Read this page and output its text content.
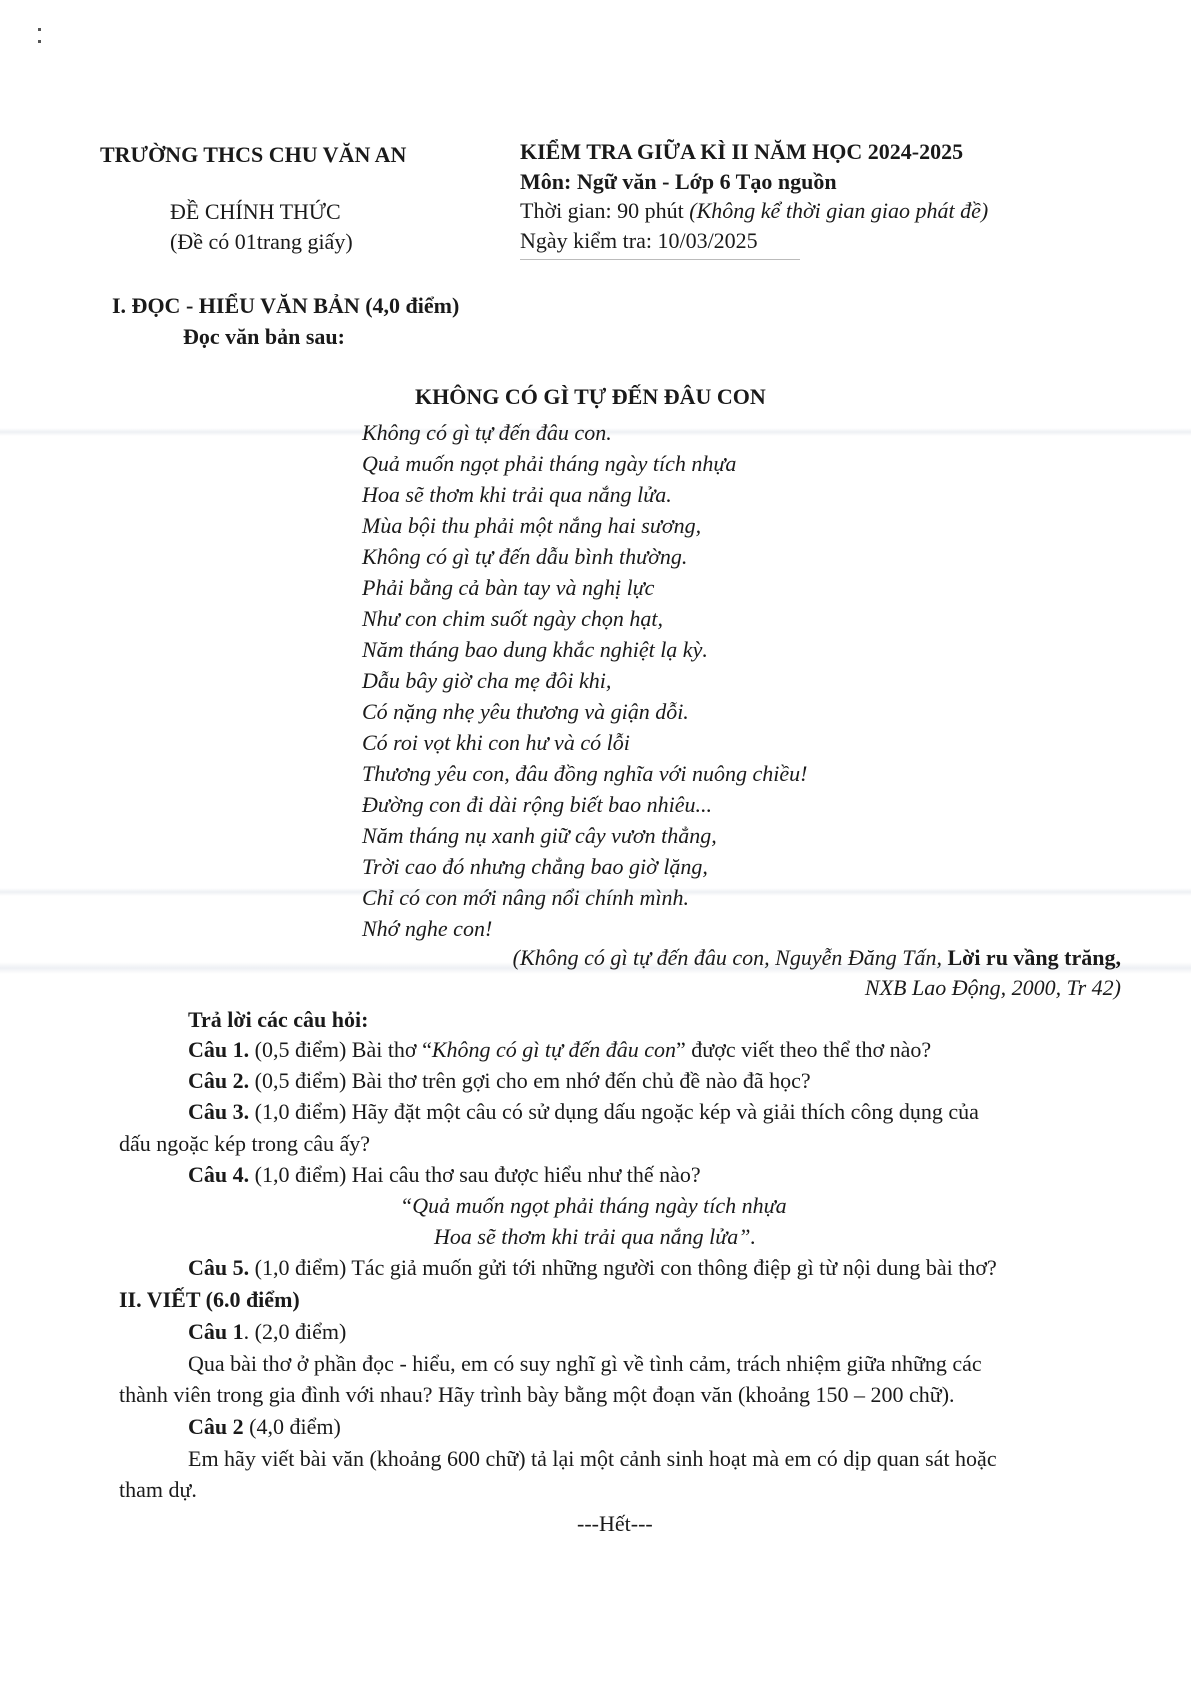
TRƯỜNG THCS CHU VĂN AN
ĐỀ CHÍNH THỨC
(Đề có 01trang giấy)
KIỂM TRA GIỮA KÌ II NĂM HỌC 2024-2025
Môn: Ngữ văn - Lớp 6 Tạo nguồn
Thời gian: 90 phút (Không kể thời gian giao phát đề)
Ngày kiểm tra: 10/03/2025
I. ĐỌC - HIỂU VĂN BẢN (4,0 điểm)
Đọc văn bản sau:
KHÔNG CÓ GÌ TỰ ĐẾN ĐÂU CON
Không có gì tự đến đâu con.
Quả muốn ngọt phải tháng ngày tích nhựa
Hoa sẽ thơm khi trải qua nắng lửa.
Mùa bội thu phải một nắng hai sương,
Không có gì tự đến dẫu bình thường.
Phải bằng cả bàn tay và nghị lực
Như con chim suốt ngày chọn hạt,
Năm tháng bao dung khắc nghiệt lạ kỳ.
Dẫu bây giờ cha mẹ đôi khi,
Có nặng nhẹ yêu thương và giận dỗi.
Có roi vọt khi con hư và có lỗi
Thương yêu con, đâu đồng nghĩa với nuông chiều!
Đường con đi dài rộng biết bao nhiêu...
Năm tháng nụ xanh giữ cây vươn thẳng,
Trời cao đó nhưng chẳng bao giờ lặng,
Chỉ có con mới nâng nổi chính mình.
Nhớ nghe con!
(Không có gì tự đến đâu con, Nguyễn Đăng Tấn, Lời ru vầng trăng,
NXB Lao Động, 2000, Tr 42)
Trả lời các câu hỏi:
Câu 1. (0,5 điểm) Bài thơ “Không có gì tự đến đâu con” được viết theo thể thơ nào?
Câu 2. (0,5 điểm) Bài thơ trên gợi cho em nhớ đến chủ đề nào đã học?
Câu 3. (1,0 điểm) Hãy đặt một câu có sử dụng dấu ngoặc kép và giải thích công dụng của
dấu ngoặc kép trong câu ấy?
Câu 4. (1,0 điểm) Hai câu thơ sau được hiểu như thế nào?
“Quả muốn ngọt phải tháng ngày tích nhựa
Hoa sẽ thơm khi trải qua nắng lửa”.
Câu 5. (1,0 điểm) Tác giả muốn gửi tới những người con thông điệp gì từ nội dung bài thơ?
II. VIẾT (6.0 điểm)
Câu 1. (2,0 điểm)
Qua bài thơ ở phần đọc - hiểu, em có suy nghĩ gì về tình cảm, trách nhiệm giữa những các
thành viên trong gia đình với nhau? Hãy trình bày bằng một đoạn văn (khoảng 150 – 200 chữ).
Câu 2 (4,0 điểm)
Em hãy viết bài văn (khoảng 600 chữ) tả lại một cảnh sinh hoạt mà em có dịp quan sát hoặc
tham dự.
---Hết---
